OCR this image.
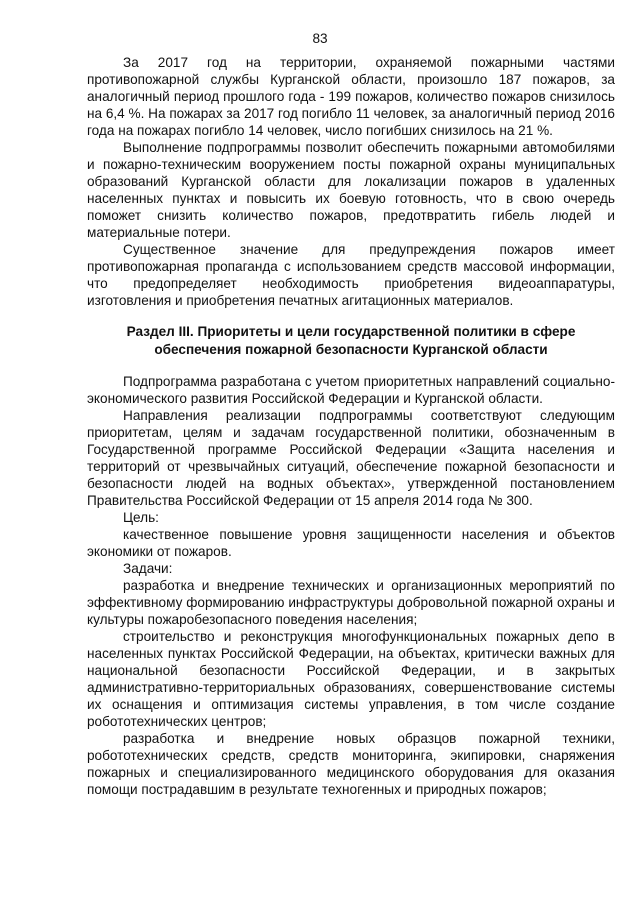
83

За 2017 год на территории, охраняемой пожарными частями противопожарной службы Курганской области, произошло 187 пожаров, за аналогичный период прошлого года - 199 пожаров, количество пожаров снизилось на 6,4 %. На пожарах за 2017 год погибло 11 человек, за аналогичный период 2016 года на пожарах погибло 14 человек, число погибших снизилось на 21 %.

Выполнение подпрограммы позволит обеспечить пожарными автомобилями и пожарно-техническим вооружением посты пожарной охраны муниципальных образований Курганской области для локализации пожаров в удаленных населенных пунктах и повысить их боевую готовность, что в свою очередь поможет снизить количество пожаров, предотвратить гибель людей и материальные потери.

Существенное значение для предупреждения пожаров имеет противопожарная пропаганда с использованием средств массовой информации, что предопределяет необходимость приобретения видеоаппаратуры, изготовления и приобретения печатных агитационных материалов.

Раздел III. Приоритеты и цели государственной политики в сфере
обеспечения пожарной безопасности Курганской области

Подпрограмма разработана с учетом приоритетных направлений социально-экономического развития Российской Федерации и Курганской области.

Направления реализации подпрограммы соответствуют следующим приоритетам, целям и задачам государственной политики, обозначенным в Государственной программе Российской Федерации «Защита населения и территорий от чрезвычайных ситуаций, обеспечение пожарной безопасности и безопасности людей на водных объектах», утвержденной постановлением Правительства Российской Федерации от 15 апреля 2014 года № 300.

Цель:

качественное повышение уровня защищенности населения и объектов экономики от пожаров.

Задачи:

разработка и внедрение технических и организационных мероприятий по эффективному формированию инфраструктуры добровольной пожарной охраны и культуры пожаробезопасного поведения населения;

строительство и реконструкция многофункциональных пожарных депо в населенных пунктах Российской Федерации, на объектах, критически важных для национальной безопасности Российской Федерации, и в закрытых административно-территориальных образованиях, совершенствование системы их оснащения и оптимизация системы управления, в том числе создание робототехнических центров;

разработка и внедрение новых образцов пожарной техники, робототехнических средств, средств мониторинга, экипировки, снаряжения пожарных и специализированного медицинского оборудования для оказания помощи пострадавшим в результате техногенных и природных пожаров;
